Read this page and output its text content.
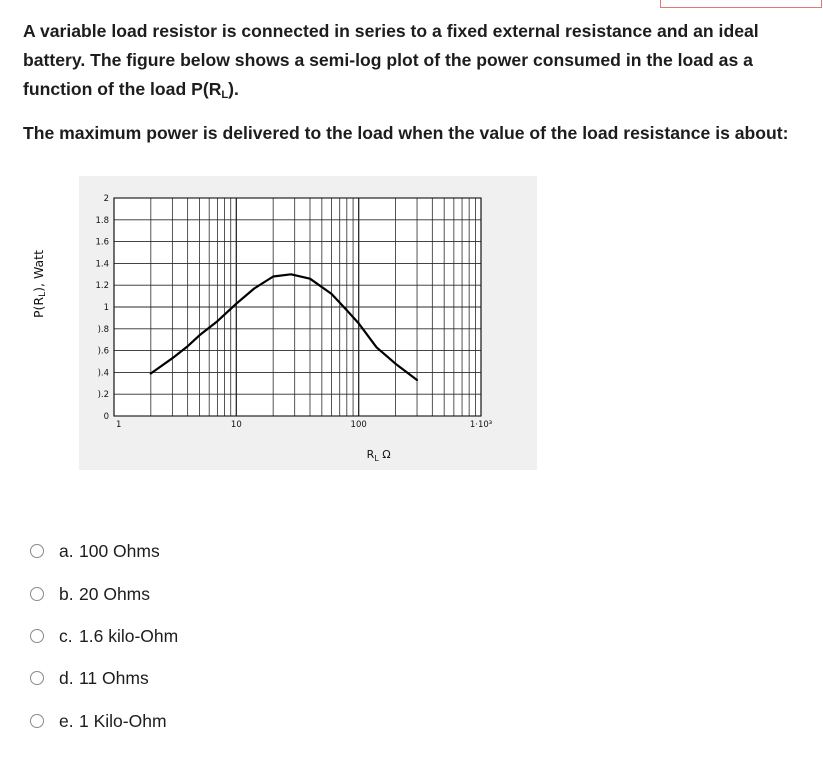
A variable load resistor is connected in series to a fixed external resistance and an ideal battery. The figure below shows a semi-log plot of the power consumed in the load as a function of the load $P(R_L)$.

The maximum power is delivered to the load when the value of the load resistance is about:

0
).2
).4
).6
).8
1
1.2
1.4
1.6
1.8
2
1	10	100	1·10³
$R_L$ Ω
$P(R_L)$, Watt
a. 100 Ohms
b. 20 Ohms
c. 1.6 kilo-Ohm
d. 11 Ohms
e. 1 Kilo-Ohm
